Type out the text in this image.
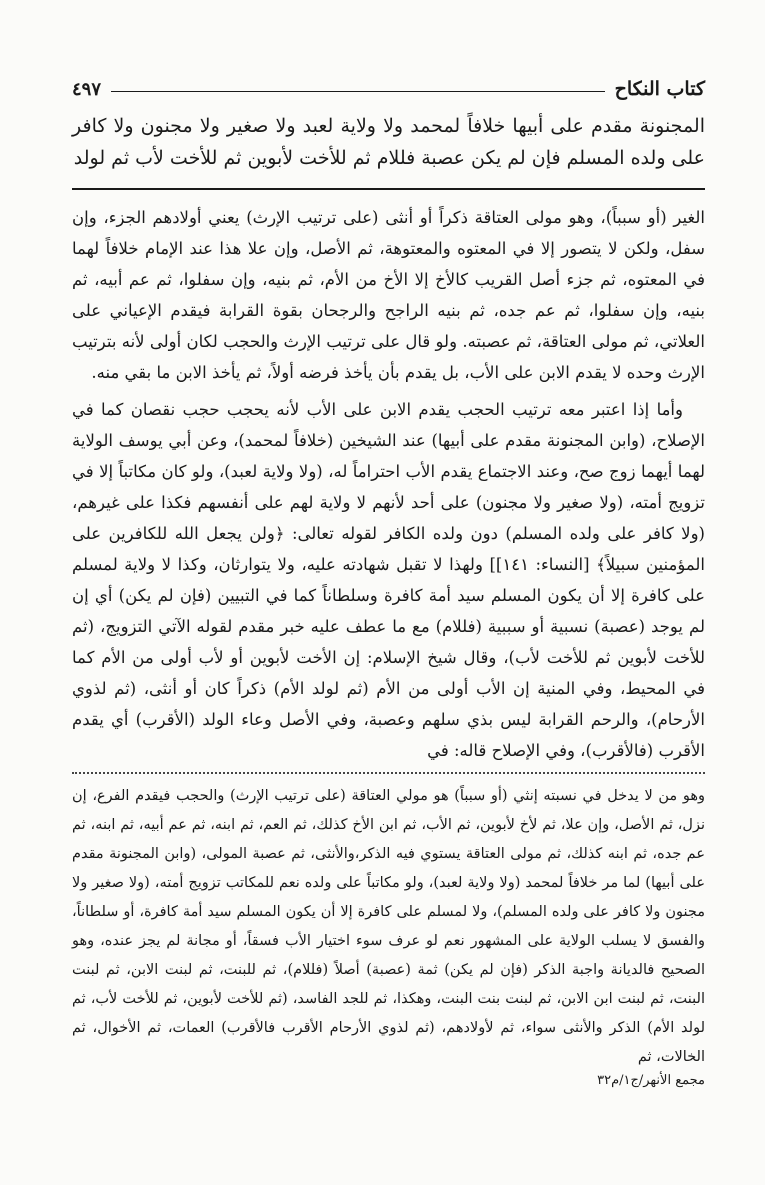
كتاب النكاح
٤٩٧

المجنونة مقدم على أبيها خلافاً لمحمد ولا ولاية لعبد ولا صغير ولا مجنون ولا كافر على ولده المسلم فإن لم يكن عصبة فللام ثم للأخت لأبوين ثم للأخت لأب ثم لولد

الغير (أو سبباً)، وهو مولى العتاقة ذكراً أو أنثى (على ترتيب الإرث) يعني أولادهم الجزء، وإن سفل، ولكن لا يتصور إلا في المعتوه والمعتوهة، ثم الأصل، وإن علا هذا عند الإمام خلافاً لهما في المعتوه، ثم جزء أصل القريب كالأخ إلا الأخ من الأم، ثم بنيه، وإن سفلوا، ثم عم أبيه، ثم بنيه، وإن سفلوا، ثم عم جده، ثم بنيه الراجح والرجحان بقوة القرابة فيقدم الإعياني على العلاتي، ثم مولى العتاقة، ثم عصبته. ولو قال على ترتيب الإرث والحجب لكان أولى لأنه بترتيب الإرث وحده لا يقدم الابن على الأب، بل يقدم بأن يأخذ فرضه أولاً، ثم يأخذ الابن ما بقي منه.

وأما إذا اعتبر معه ترتيب الحجب يقدم الابن على الأب لأنه يحجب حجب نقصان كما في الإصلاح، (وابن المجنونة مقدم على أبيها) عند الشيخين (خلافاً لمحمد)، وعن أبي يوسف الولاية لهما أيهما زوج صح، وعند الاجتماع يقدم الأب احتراماً له، (ولا ولاية لعبد)، ولو كان مكاتباً إلا في تزويج أمته، (ولا صغير ولا مجنون) على أحد لأنهم لا ولاية لهم على أنفسهم فكذا على غيرهم، (ولا كافر على ولده المسلم) دون ولده الكافر لقوله تعالى: ﴿ولن يجعل الله للكافرين على المؤمنين سبيلاً﴾ [النساء: ١٤١]] ولهذا لا تقبل شهادته عليه، ولا يتوارثان، وكذا لا ولاية لمسلم على كافرة إلا أن يكون المسلم سيد أمة كافرة وسلطاناً كما في التبيين (فإن لم يكن) أي إن لم يوجد (عصبة) نسبية أو سببية (فللام) مع ما عطف عليه خبر مقدم لقوله الآتي التزويج، (ثم للأخت لأبوين ثم للأخت لأب)، وقال شيخ الإسلام: إن الأخت لأبوين أو لأب أولى من الأم كما في المحيط، وفي المنية إن الأب أولى من الأم (ثم لولد الأم) ذكراً كان أو أنثى، (ثم لذوي الأرحام)، والرحم القرابة ليس بذي سلهم وعصبة، وفي الأصل وعاء الولد (الأقرب) أي يقدم الأقرب (فالأقرب)، وفي الإصلاح قاله: في

وهو من لا يدخل في نسبته إنثي (أو سبباً) هو مولي العتاقة (على ترتيب الإرث) والحجب فيقدم الفرع، إن نزل، ثم الأصل، وإن علا، ثم لأخ لأبوين، ثم الأب، ثم ابن الأخ كذلك، ثم العم، ثم ابنه، ثم عم أبيه، ثم ابنه، ثم عم جده، ثم ابنه كذلك، ثم مولى العتاقة يستوي فيه الذكر،والأنثى، ثم عصبة المولى، (وابن المجنونة مقدم على أبيها) لما مر خلافاً لمحمد (ولا ولاية لعبد)، ولو مكاتباً على ولده نعم للمكاتب تزويج أمته، (ولا صغير ولا مجنون ولا كافر على ولده المسلم)، ولا لمسلم على كافرة إلا أن يكون المسلم سيد أمة كافرة، أو سلطاناً، والفسق لا يسلب الولاية على المشهور نعم لو عرف سوء اختيار الأب فسقاً، أو مجانة لم يجز عنده، وهو الصحيح فالديانة واجبة الذكر (فإن لم يكن) ثمة (عصبة) أصلاً (فللام)، ثم للبنت، ثم لبنت الابن، ثم لبنت البنت، ثم لبنت ابن الابن، ثم لبنت بنت البنت، وهكذا، ثم للجد الفاسد، (ثم للأخت لأبوين، ثم للأخت لأب، ثم لولد الأم) الذكر والأنثى سواء، ثم لأولادهم، (ثم لذوي الأرحام الأقرب فالأقرب) العمات، ثم الأخوال، ثم الخالات، ثم

مجمع الأنهر/ج١/م٣٢
